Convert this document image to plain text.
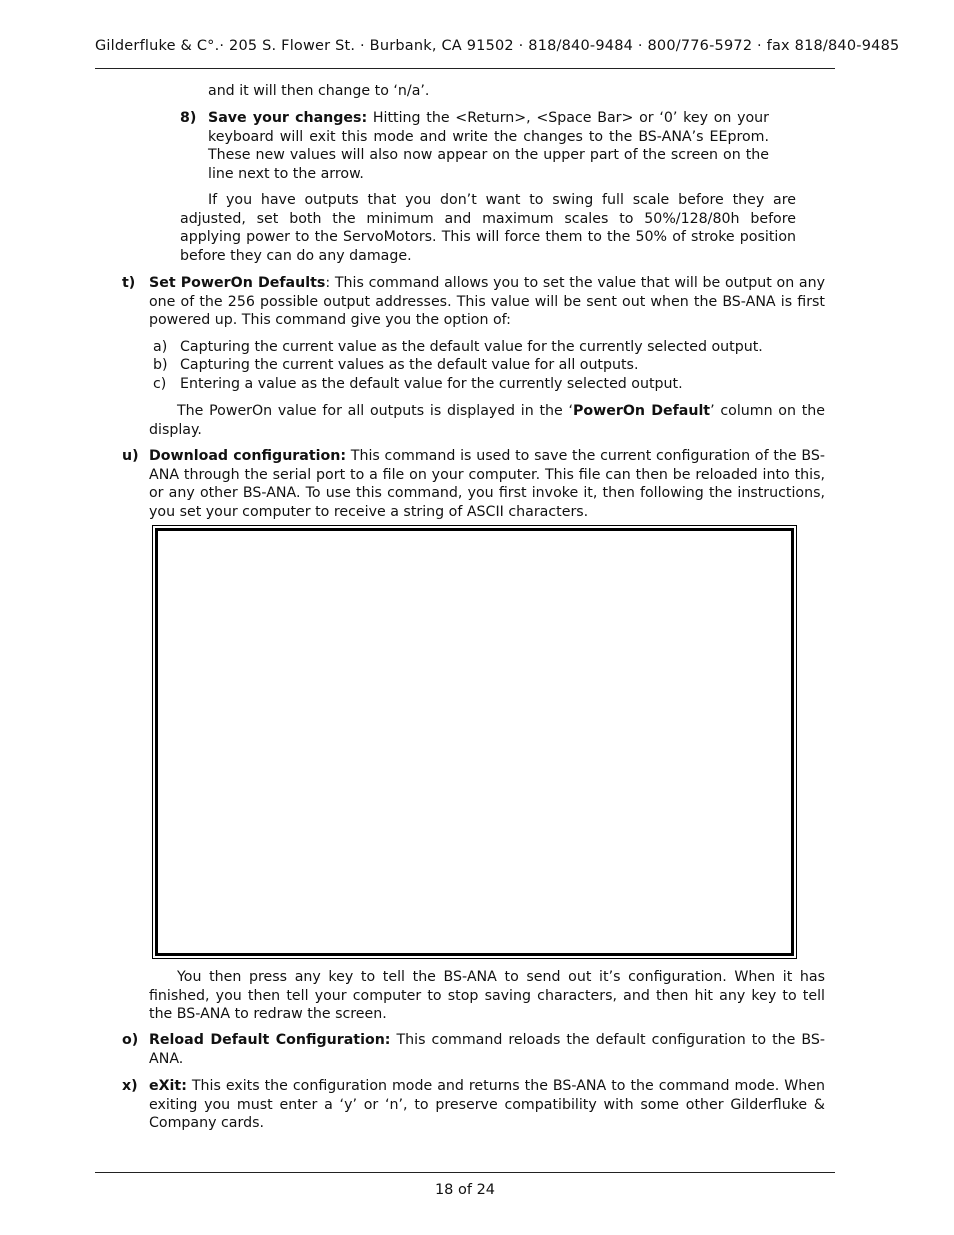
Gilderfluke & C°.· 205 S. Flower St. · Burbank, CA 91502 · 818/840-9484 · 800/776-5972 · fax 818/840-9485
and it will then change to ‘n/a’.
8) Save your changes: Hitting the <Return>, <Space Bar> or ‘0’ key on your keyboard will exit this mode and write the changes to the BS-ANA’s EEprom. These new values will also now appear on the upper part of the screen on the line next to the arrow.
If you have outputs that you don’t want to swing full scale before they are adjusted, set both the minimum and maximum scales to 50%/128/80h before applying power to the ServoMotors. This will force them to the 50% of stroke position before they can do any damage.
t) Set PowerOn Defaults: This command allows you to set the value that will be output on any one of the 256 possible output addresses. This value will be sent out when the BS-ANA is first powered up. This command give you the option of:
a) Capturing the current value as the default value for the currently selected output.
b) Capturing the current values as the default value for all outputs.
c) Entering a value as the default value for the currently selected output.
The PowerOn value for all outputs is displayed in the ‘PowerOn Default’ column on the display.
u) Download configuration: This command is used to save the current configuration of the BS-ANA through the serial port to a file on your computer. This file can then be reloaded into this, or any other BS-ANA. To use this command, you first invoke it, then following the instructions, you set your computer to receive a string of ASCII characters.
You then press any key to tell the BS-ANA to send out it’s configuration. When it has finished, you then tell your computer to stop saving characters, and then hit any key to tell the BS-ANA to redraw the screen.
o) Reload Default Configuration: This command reloads the default configuration to the BS-ANA.
x) eXit: This exits the configuration mode and returns the BS-ANA to the command mode. When exiting you must enter a ‘y’ or ‘n’, to preserve compatibility with some other Gilderfluke & Company cards.
18 of 24
